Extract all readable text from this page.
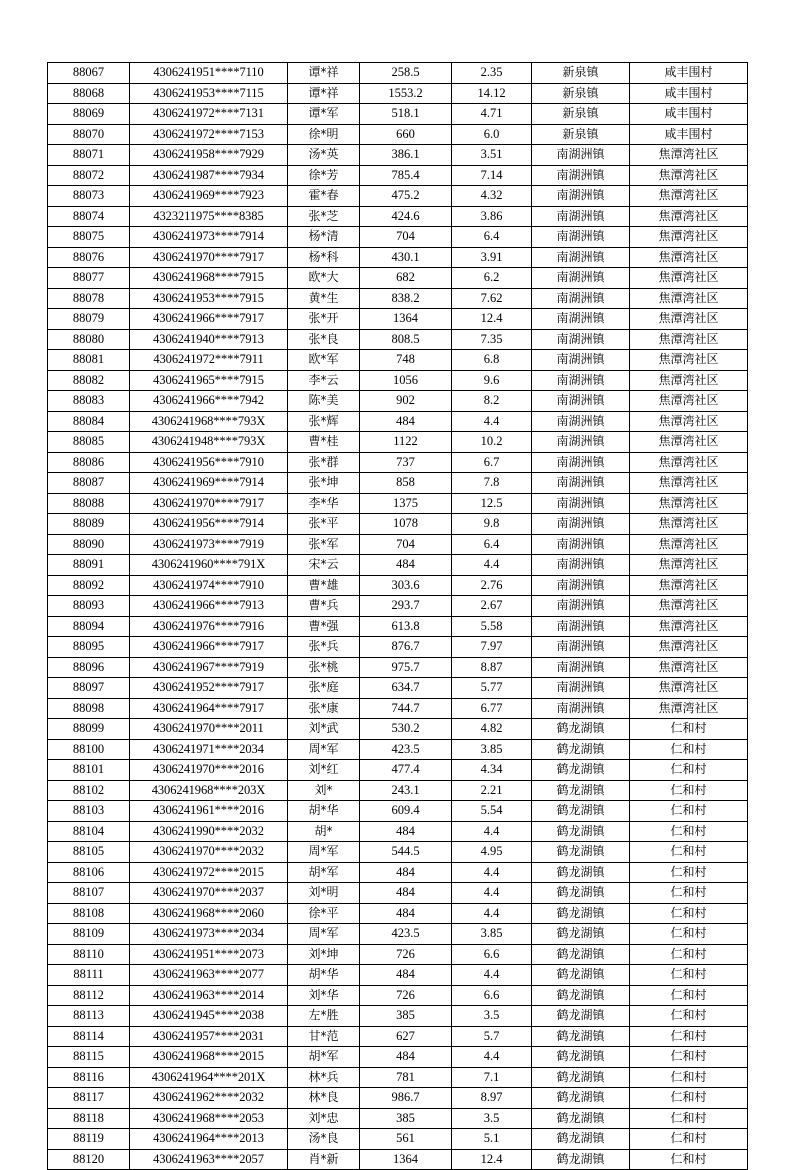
88067	4306241951****7110	谭*祥	258.5	2.35	新泉镇	咸丰围村
88068	4306241953****7115	谭*祥	1553.2	14.12	新泉镇	咸丰围村
88069	4306241972****7131	谭*军	518.1	4.71	新泉镇	咸丰围村
88070	4306241972****7153	徐*明	660	6.0	新泉镇	咸丰围村
88071	4306241958****7929	汤*英	386.1	3.51	南湖洲镇	焦潭湾社区
88072	4306241987****7934	徐*芳	785.4	7.14	南湖洲镇	焦潭湾社区
88073	4306241969****7923	霍*春	475.2	4.32	南湖洲镇	焦潭湾社区
88074	4323211975****8385	张*芝	424.6	3.86	南湖洲镇	焦潭湾社区
88075	4306241973****7914	杨*清	704	6.4	南湖洲镇	焦潭湾社区
88076	4306241970****7917	杨*科	430.1	3.91	南湖洲镇	焦潭湾社区
88077	4306241968****7915	欧*大	682	6.2	南湖洲镇	焦潭湾社区
88078	4306241953****7915	黄*生	838.2	7.62	南湖洲镇	焦潭湾社区
88079	4306241966****7917	张*开	1364	12.4	南湖洲镇	焦潭湾社区
88080	4306241940****7913	张*良	808.5	7.35	南湖洲镇	焦潭湾社区
88081	4306241972****7911	欧*军	748	6.8	南湖洲镇	焦潭湾社区
88082	4306241965****7915	李*云	1056	9.6	南湖洲镇	焦潭湾社区
88083	4306241966****7942	陈*美	902	8.2	南湖洲镇	焦潭湾社区
88084	4306241968****793X	张*辉	484	4.4	南湖洲镇	焦潭湾社区
88085	4306241948****793X	曹*桂	1122	10.2	南湖洲镇	焦潭湾社区
88086	4306241956****7910	张*群	737	6.7	南湖洲镇	焦潭湾社区
88087	4306241969****7914	张*坤	858	7.8	南湖洲镇	焦潭湾社区
88088	4306241970****7917	李*华	1375	12.5	南湖洲镇	焦潭湾社区
88089	4306241956****7914	张*平	1078	9.8	南湖洲镇	焦潭湾社区
88090	4306241973****7919	张*军	704	6.4	南湖洲镇	焦潭湾社区
88091	4306241960****791X	宋*云	484	4.4	南湖洲镇	焦潭湾社区
88092	4306241974****7910	曹*雄	303.6	2.76	南湖洲镇	焦潭湾社区
88093	4306241966****7913	曹*兵	293.7	2.67	南湖洲镇	焦潭湾社区
88094	4306241976****7916	曹*强	613.8	5.58	南湖洲镇	焦潭湾社区
88095	4306241966****7917	张*兵	876.7	7.97	南湖洲镇	焦潭湾社区
88096	4306241967****7919	张*桃	975.7	8.87	南湖洲镇	焦潭湾社区
88097	4306241952****7917	张*庭	634.7	5.77	南湖洲镇	焦潭湾社区
88098	4306241964****7917	张*康	744.7	6.77	南湖洲镇	焦潭湾社区
88099	4306241970****2011	刘*武	530.2	4.82	鹤龙湖镇	仁和村
88100	4306241971****2034	周*军	423.5	3.85	鹤龙湖镇	仁和村
88101	4306241970****2016	刘*红	477.4	4.34	鹤龙湖镇	仁和村
88102	4306241968****203X	刘*	243.1	2.21	鹤龙湖镇	仁和村
88103	4306241961****2016	胡*华	609.4	5.54	鹤龙湖镇	仁和村
88104	4306241990****2032	胡*	484	4.4	鹤龙湖镇	仁和村
88105	4306241970****2032	周*军	544.5	4.95	鹤龙湖镇	仁和村
88106	4306241972****2015	胡*军	484	4.4	鹤龙湖镇	仁和村
88107	4306241970****2037	刘*明	484	4.4	鹤龙湖镇	仁和村
88108	4306241968****2060	徐*平	484	4.4	鹤龙湖镇	仁和村
88109	4306241973****2034	周*军	423.5	3.85	鹤龙湖镇	仁和村
88110	4306241951****2073	刘*坤	726	6.6	鹤龙湖镇	仁和村
88111	4306241963****2077	胡*华	484	4.4	鹤龙湖镇	仁和村
88112	4306241963****2014	刘*华	726	6.6	鹤龙湖镇	仁和村
88113	4306241945****2038	左*胜	385	3.5	鹤龙湖镇	仁和村
88114	4306241957****2031	甘*范	627	5.7	鹤龙湖镇	仁和村
88115	4306241968****2015	胡*军	484	4.4	鹤龙湖镇	仁和村
88116	4306241964****201X	林*兵	781	7.1	鹤龙湖镇	仁和村
88117	4306241962****2032	林*良	986.7	8.97	鹤龙湖镇	仁和村
88118	4306241968****2053	刘*忠	385	3.5	鹤龙湖镇	仁和村
88119	4306241964****2013	汤*良	561	5.1	鹤龙湖镇	仁和村
88120	4306241963****2057	肖*新	1364	12.4	鹤龙湖镇	仁和村
